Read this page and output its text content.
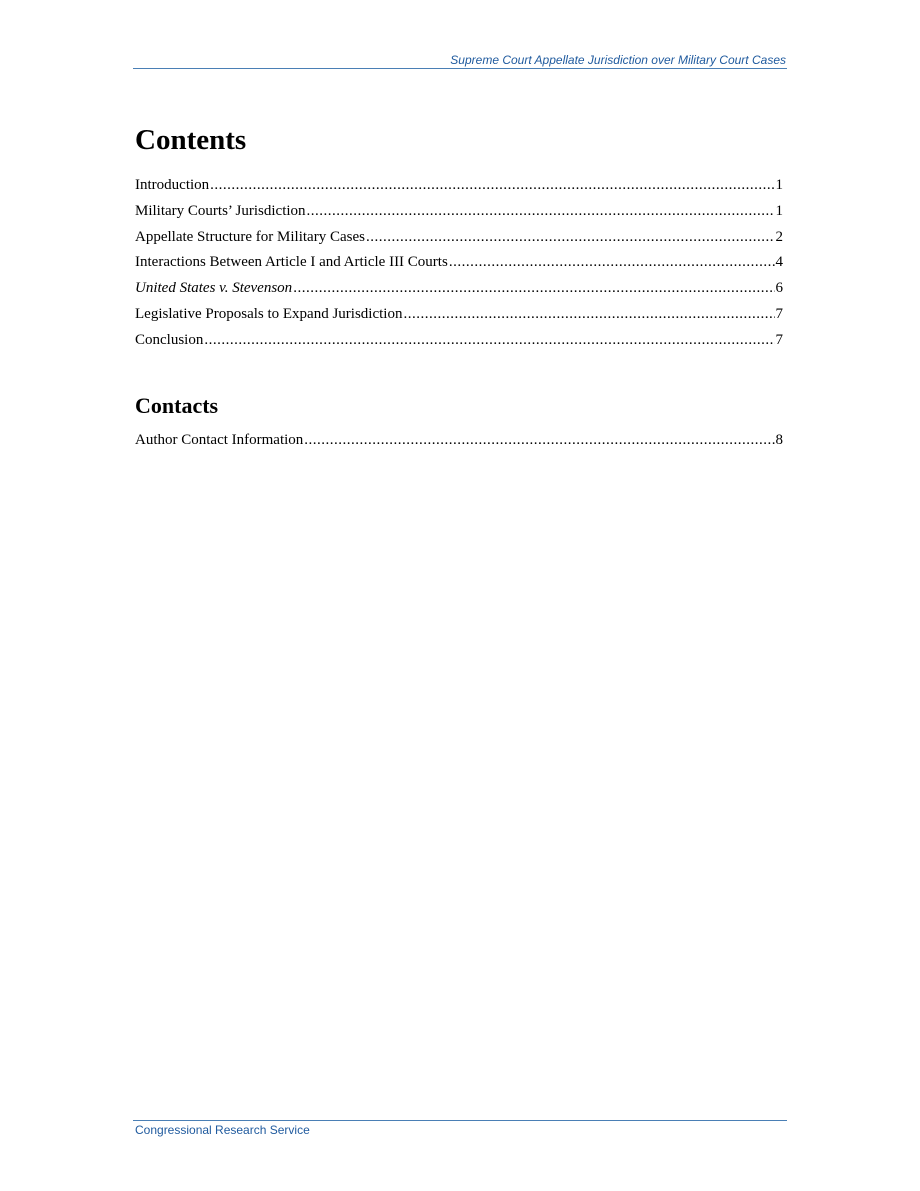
Supreme Court Appellate Jurisdiction over Military Court Cases
Contents
Introduction .....	1
Military Courts’ Jurisdiction .....	1
Appellate Structure for Military Cases .....	2
Interactions Between Article I and Article III Courts .....	4
United States v. Stevenson .....	6
Legislative Proposals to Expand Jurisdiction .....	7
Conclusion .....	7
Contacts
Author Contact Information .....	8
Congressional Research Service
